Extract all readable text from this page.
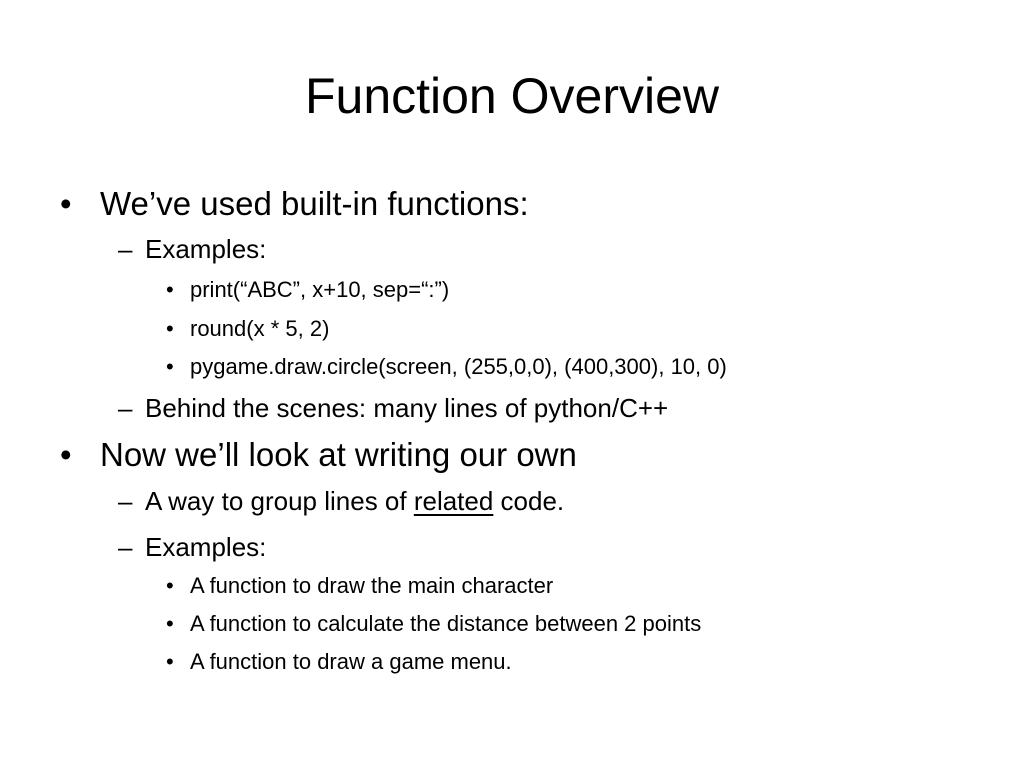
Function Overview
• We’ve used built-in functions:
– Examples:
• print(“ABC”, x+10, sep=“:”)
• round(x * 5, 2)
• pygame.draw.circle(screen, (255,0,0), (400,300), 10, 0)
– Behind the scenes: many lines of python/C++
• Now we’ll look at writing our own
– A way to group lines of related code.
– Examples:
• A function to draw the main character
• A function to calculate the distance between 2 points
• A function to draw a game menu.
